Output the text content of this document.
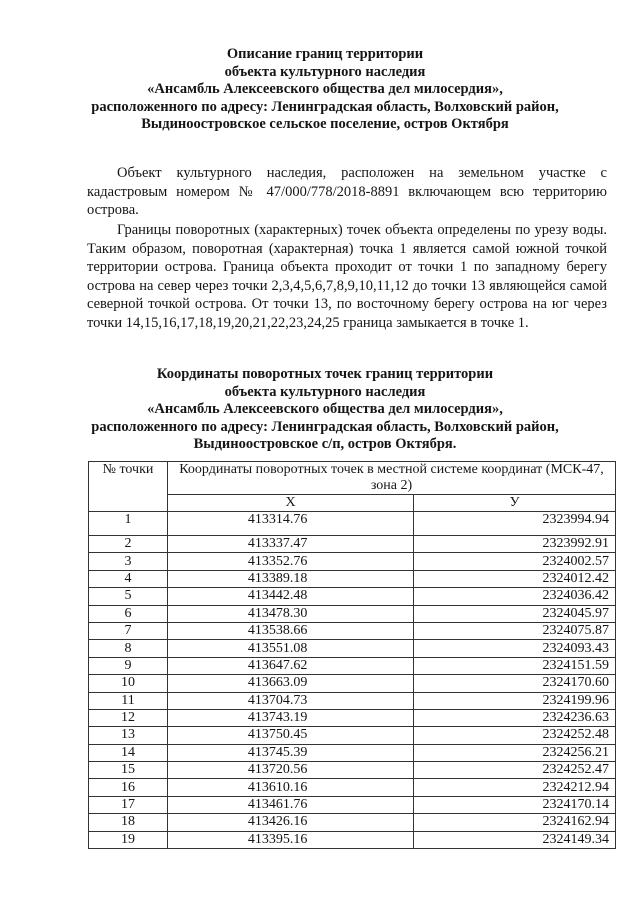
Описание границ территории
объекта культурного наследия
«Ансамбль Алексеевского общества дел милосердия»,
расположенного по адресу: Ленинградская область, Волховский район,
Выдиноостровское сельское поселение, остров Октября

Объект культурного наследия, расположен на земельном участке с кадастровым номером № 47/000/778/2018-8891 включающем всю территорию острова.

Границы поворотных (характерных) точек объекта определены по урезу воды. Таким образом, поворотная (характерная) точка 1 является самой южной точкой территории острова. Граница объекта проходит от точки 1 по западному берегу острова на север через точки 2,3,4,5,6,7,8,9,10,11,12 до точки 13 являющейся самой северной точкой острова. От точки 13, по восточному берегу острова на юг через точки 14,15,16,17,18,19,20,21,22,23,24,25 граница замыкается в точке 1.

Координаты поворотных точек границ территории
объекта культурного наследия
«Ансамбль Алексеевского общества дел милосердия»,
расположенного по адресу: Ленинградская область, Волховский район,
Выдиноостровское с/п, остров Октября.
№ точки	Координаты поворотных точек в местной системе координат (МСК-47, зона 2)	
	X	У
1	413314.76	2323994.94
2	413337.47	2323992.91
3	413352.76	2324002.57
4	413389.18	2324012.42
5	413442.48	2324036.42
6	413478.30	2324045.97
7	413538.66	2324075.87
8	413551.08	2324093.43
9	413647.62	2324151.59
10	413663.09	2324170.60
11	413704.73	2324199.96
12	413743.19	2324236.63
13	413750.45	2324252.48
14	413745.39	2324256.21
15	413720.56	2324252.47
16	413610.16	2324212.94
17	413461.76	2324170.14
18	413426.16	2324162.94
19	413395.16	2324149.34
